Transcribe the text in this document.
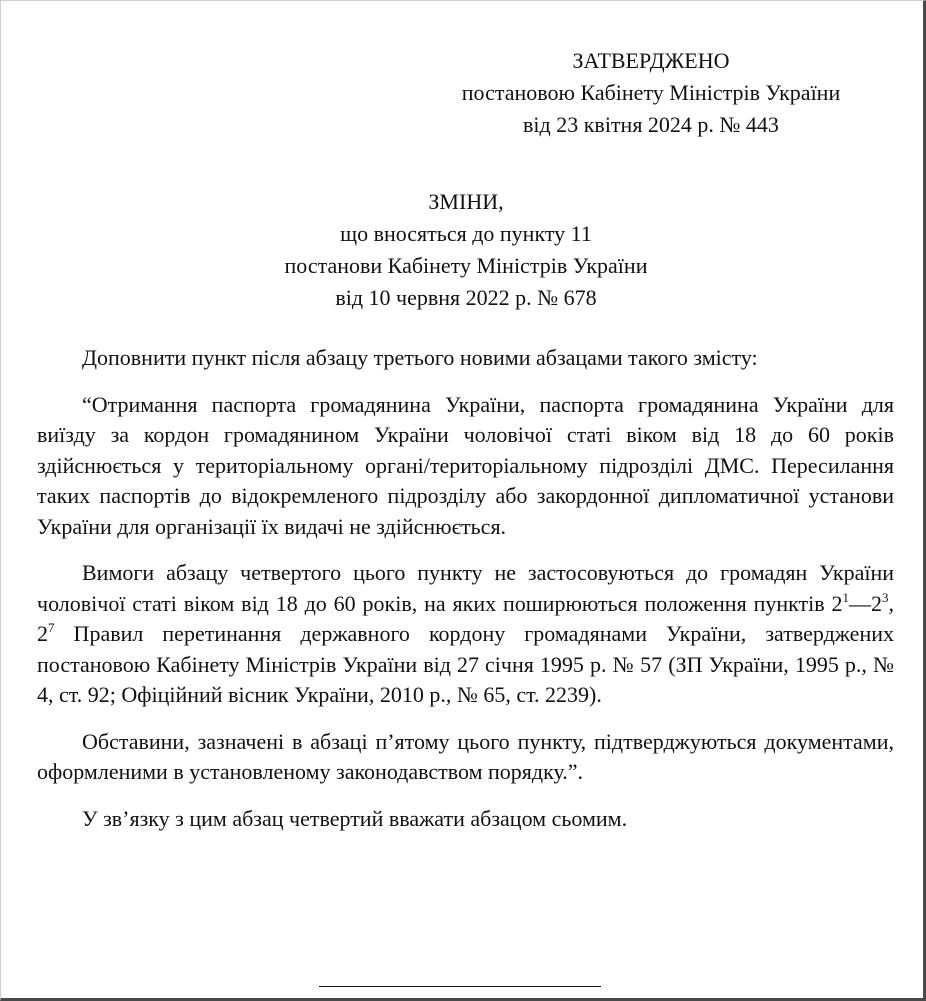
ЗАТВЕРДЖЕНО
постановою Кабінету Міністрів України
від 23 квітня 2024 р. № 443
ЗМІНИ,
що вносяться до пункту 11
постанови Кабінету Міністрів України
від 10 червня 2022 р. № 678

Доповнити пункт після абзацу третього новими абзацами такого змісту:

“Отримання паспорта громадянина України, паспорта громадянина України для виїзду за кордон громадянином України чоловічої статі віком від 18 до 60 років здійснюється у територіальному органі/територіальному підрозділі ДМС. Пересилання таких паспортів до відокремленого підрозділу або закордонної дипломатичної установи України для організації їх видачі не здійснюється.

Вимоги абзацу четвертого цього пункту не застосовуються до громадян України чоловічої статі віком від 18 до 60 років, на яких поширюються положення пунктів $2^1—2^3$, $2^7$ Правил перетинання державного кордону громадянами України, затверджених постановою Кабінету Міністрів України від 27 січня 1995 р. № 57 (ЗП України, 1995 р., № 4, ст. 92; Офіційний вісник України, 2010 р., № 65, ст. 2239).

Обставини, зазначені в абзаці п’ятому цього пункту, підтверджуються документами, оформленими в установленому законодавством порядку.”.

У зв’язку з цим абзац четвертий вважати абзацом сьомим.
